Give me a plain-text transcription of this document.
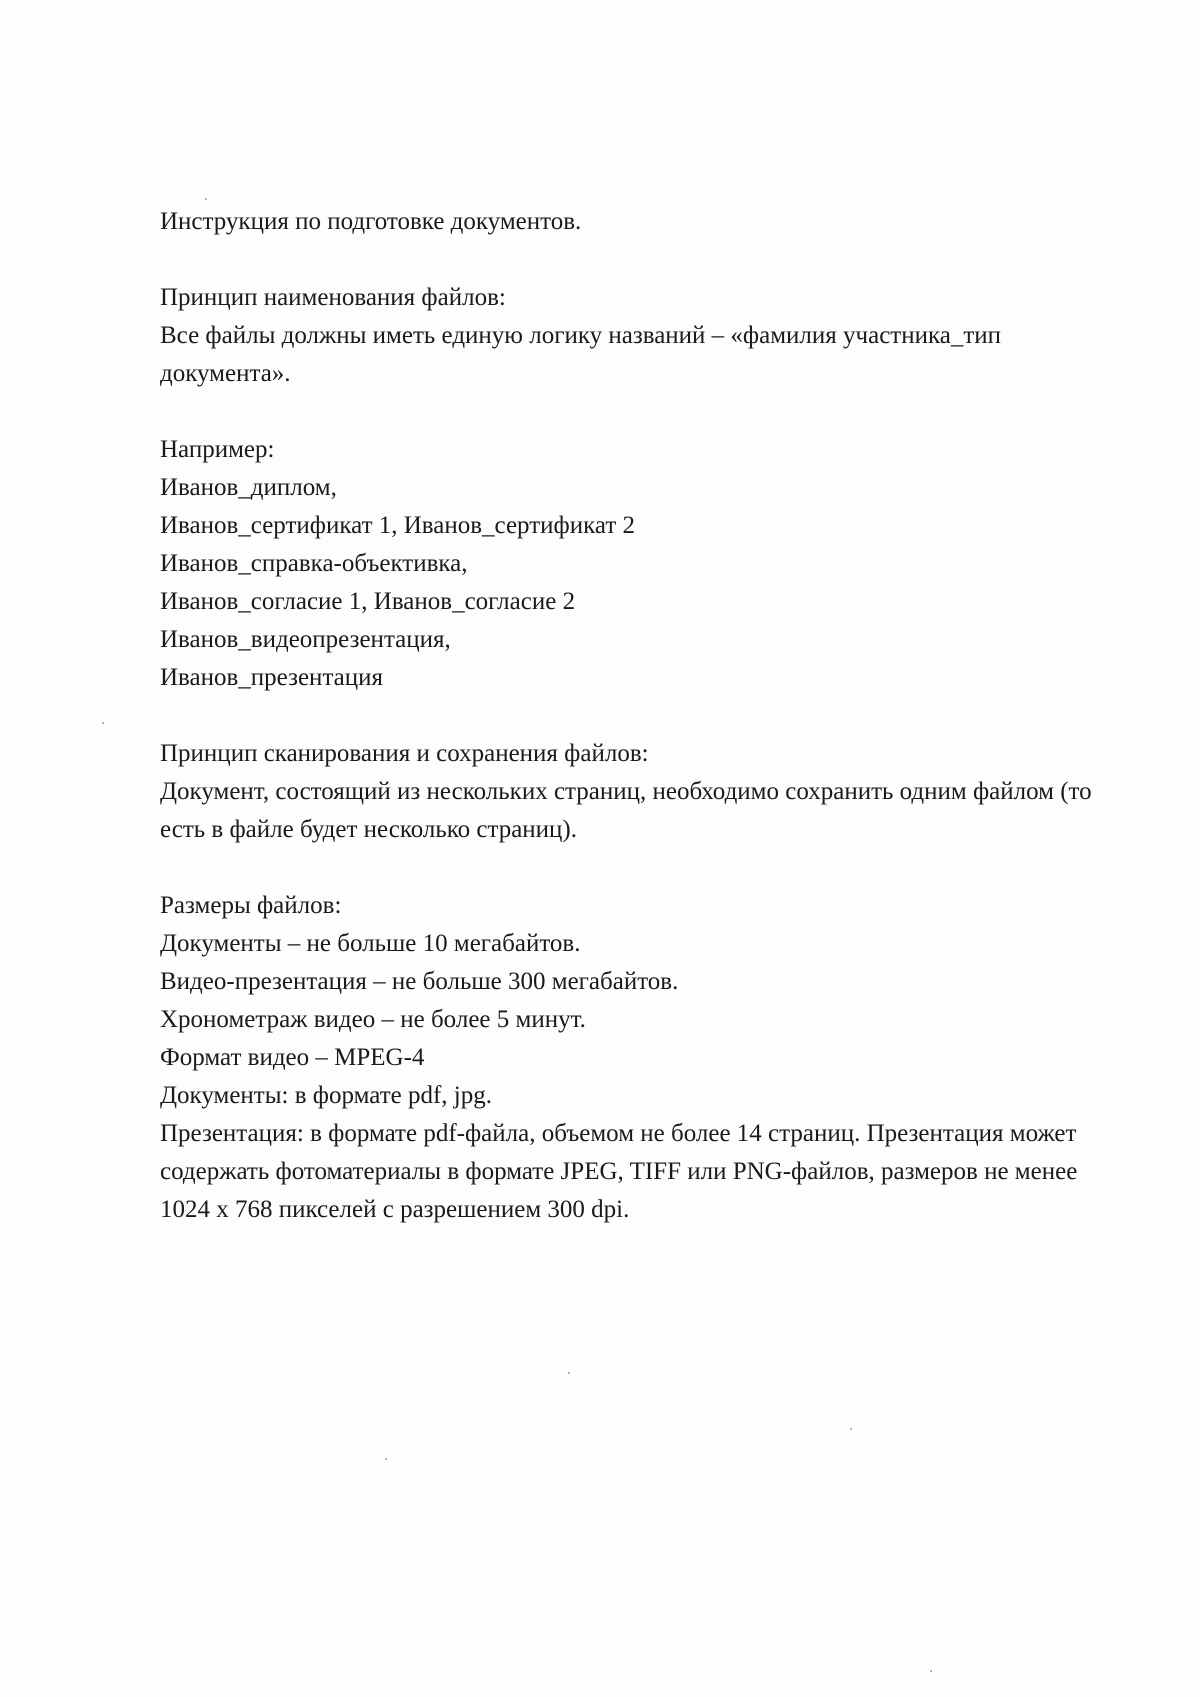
Инструкция по подготовке документов.
Принцип наименования файлов:
Все файлы должны иметь единую логику названий – «фамилия участника_тип документа».
Например:
Иванов_диплом,
Иванов_сертификат 1, Иванов_сертификат 2
Иванов_справка-объективка,
Иванов_согласие 1, Иванов_согласие 2
Иванов_видеопрезентация,
Иванов_презентация
Принцип сканирования и сохранения файлов:
Документ, состоящий из нескольких страниц, необходимо сохранить одним файлом (то есть в файле будет несколько страниц).
Размеры файлов:
Документы – не больше 10 мегабайтов.
Видео-презентация – не больше 300 мегабайтов.
Хронометраж видео – не более 5 минут.
Формат видео – MPEG-4
Документы: в формате pdf, jpg.
Презентация: в формате pdf-файла, объемом не более 14 страниц. Презентация может содержать фотоматериалы в формате JPEG, TIFF или PNG-файлов, размеров не менее 1024 x 768 пикселей с разрешением 300 dpi.
